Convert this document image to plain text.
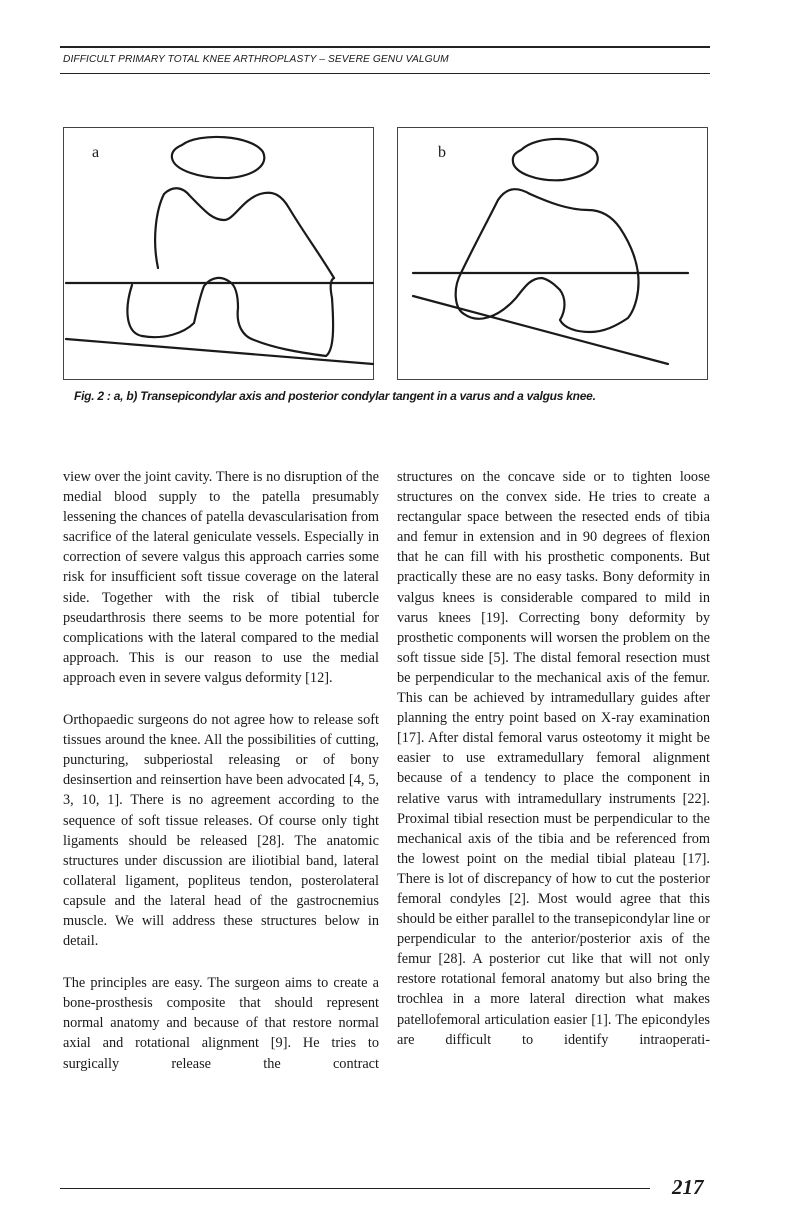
DIFFICULT PRIMARY TOTAL KNEE ARTHROPLASTY – SEVERE GENU VALGUM
a	b
Fig. 2 : a, b) Transepicondylar axis and posterior condylar tangent in a varus and a valgus knee.

view over the joint cavity. There is no disruption of the medial blood supply to the patella presumably lessening the chances of patella devascularisation from sacrifice of the lateral geniculate vessels. Especially in correction of severe valgus this approach carries some risk for insufficient soft tissue coverage on the lateral side. Together with the risk of tibial tubercle pseudarthrosis there seems to be more potential for complications with the lateral compared to the medial approach. This is our reason to use the medial approach even in severe valgus deformity [12].

Orthopaedic surgeons do not agree how to release soft tissues around the knee. All the possibilities of cutting, puncturing, subperiostal releasing or of bony desinsertion and reinsertion have been advocated [4, 5, 3, 10, 1]. There is no agreement according to the sequence of soft tissue releases. Of course only tight ligaments should be released [28]. The anatomic structures under discussion are iliotibial band, lateral collateral ligament, popliteus tendon, posterolateral capsule and the lateral head of the gastrocnemius muscle. We will address these structures below in detail.

The principles are easy. The surgeon aims to create a bone-prosthesis composite that should represent normal anatomy and because of that restore normal axial and rotational alignment [9]. He tries to surgically release the contract

structures on the concave side or to tighten loose structures on the convex side. He tries to create a rectangular space between the resected ends of tibia and femur in extension and in 90 degrees of flexion that he can fill with his prosthetic components. But practically these are no easy tasks. Bony deformity in valgus knees is considerable compared to mild in varus knees [19]. Correcting bony deformity by prosthetic components will worsen the problem on the soft tissue side [5]. The distal femoral resection must be perpendicular to the mechanical axis of the femur. This can be achieved by intramedullary guides after planning the entry point based on X-ray examination [17]. After distal femoral varus osteotomy it might be easier to use extramedullary femoral alignment because of a tendency to place the component in relative varus with intramedullary instruments [22]. Proximal tibial resection must be perpendicular to the mechanical axis of the tibia and be referenced from the lowest point on the medial tibial plateau [17]. There is lot of discrepancy of how to cut the posterior femoral condyles [2]. Most would agree that this should be either parallel to the transepicondylar line or perpendicular to the anterior/posterior axis of the femur [28]. A posterior cut like that will not only restore rotational femoral anatomy but also bring the trochlea in a more lateral direction what makes patellofemoral articulation easier [1]. The epicondyles are difficult to identify intraoperati-

217
